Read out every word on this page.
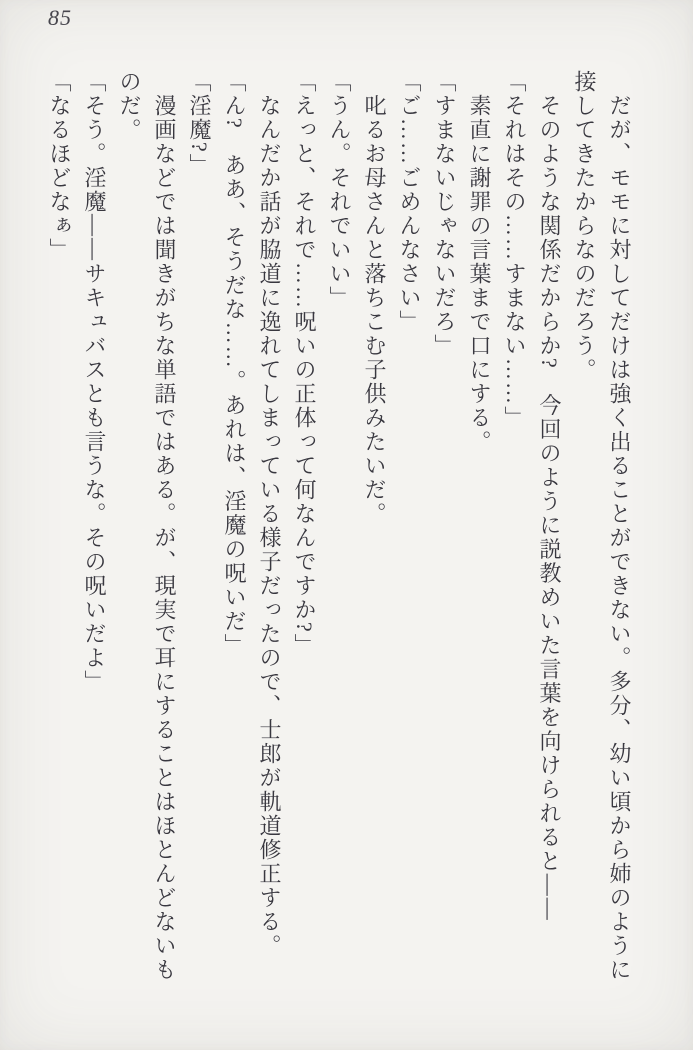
85

　だが、モモに対してだけは強く出ることができない。多分、幼い頃から姉のように接してきたからなのだろう。

　そのような関係だからか?　今回のように説教めいた言葉を向けられると――

「それはその……すまない……」

　素直に謝罪の言葉まで口にする。

「すまないじゃないだろ」

「ご……ごめんなさい」

　叱るお母さんと落ちこむ子供みたいだ。

「うん。それでいい」

「えっと、それで……呪いの正体って何なんですか?」

　なんだか話が脇道に逸れてしまっている様子だったので、士郎が軌道修正する。

「ん?　ああ、そうだな……。あれは、淫魔の呪いだ」

「淫魔?」

　漫画などでは聞きがちな単語ではある。が、現実で耳にすることはほとんどないものだ。

「そう。淫魔――サキュバスとも言うな。その呪いだよ」

「なるほどなぁ」
